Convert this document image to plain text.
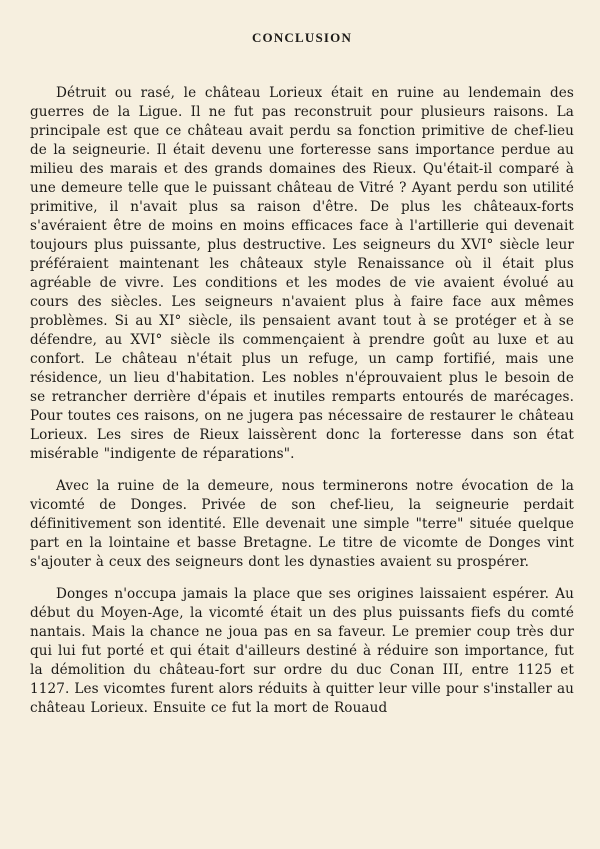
CONCLUSION

Détruit ou rasé, le château Lorieux était en ruine au lendemain des guerres de la Ligue. Il ne fut pas reconstruit pour plusieurs raisons. La principale est que ce château avait perdu sa fonction primitive de chef-lieu de la seigneurie. Il était devenu une forteresse sans importance perdue au milieu des marais et des grands domaines des Rieux. Qu'était-il comparé à une demeure telle que le puissant château de Vitré ? Ayant perdu son utilité primitive, il n'avait plus sa raison d'être. De plus les châteaux-forts s'avéraient être de moins en moins efficaces face à l'artillerie qui devenait toujours plus puissante, plus destructive. Les seigneurs du XVI° siècle leur préféraient maintenant les châteaux style Renaissance où il était plus agréable de vivre. Les conditions et les modes de vie avaient évolué au cours des siècles. Les seigneurs n'avaient plus à faire face aux mêmes problèmes. Si au XI° siècle, ils pensaient avant tout à se protéger et à se défendre, au XVI° siècle ils commençaient à prendre goût au luxe et au confort. Le château n'était plus un refuge, un camp fortifié, mais une résidence, un lieu d'habitation. Les nobles n'éprouvaient plus le besoin de se retrancher derrière d'épais et inutiles remparts entourés de marécages. Pour toutes ces raisons, on ne jugera pas nécessaire de restaurer le château Lorieux. Les sires de Rieux laissèrent donc la forteresse dans son état misérable "indigente de réparations".

Avec la ruine de la demeure, nous terminerons notre évocation de la vicomté de Donges. Privée de son chef-lieu, la seigneurie perdait définitivement son identité. Elle devenait une simple "terre" située quelque part en la lointaine et basse Bretagne. Le titre de vicomte de Donges vint s'ajouter à ceux des seigneurs dont les dynasties avaient su prospérer.

Donges n'occupa jamais la place que ses origines laissaient espérer. Au début du Moyen-Age, la vicomté était un des plus puissants fiefs du comté nantais. Mais la chance ne joua pas en sa faveur. Le premier coup très dur qui lui fut porté et qui était d'ailleurs destiné à réduire son importance, fut la démolition du château-fort sur ordre du duc Conan III, entre 1125 et 1127. Les vicomtes furent alors réduits à quitter leur ville pour s'installer au château Lorieux. Ensuite ce fut la mort de Rouaud
